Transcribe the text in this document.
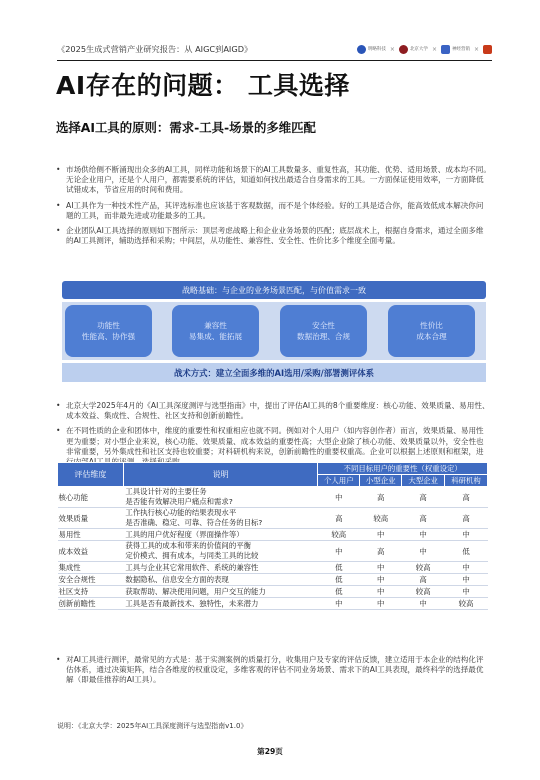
《2025生成式营销产业研究报告：从 AIGC到AIGD》	明略科技 ×	北京大学 ×	神经营销 ×
AI存在的问题： 工具选择
选择AI工具的原则：需求-工具-场景的多维匹配
• 市场供给侧不断涌现出众多的AI工具，同样功能和场景下的AI工具数量多、重复性高，其功能、优势、适用场景、成本均不同。无论企业用户，还是个人用户，都需要系统的评估，知道如何找出最适合自身需求的工具。一方面保证使用效率，一方面降低试错成本，节省应用的时间和费用。
• AI工具作为一种技术性产品，其评选标准也应该基于客观数据，而不是个体经验。好的工具是适合你，能高效低成本解决你问题的工具，而非最先进或功能最多的工具。
• 企业团队AI工具选择的原则如下图所示：顶层考虑战略上和企业业务场景的匹配；底层战术上，根据自身需求，通过全面多维的AI工具测评，辅助选择和采购；中间层，从功能性、兼容性、安全性、性价比多个维度全面考量。
战略基础：与企业的业务场景匹配，与价值需求一致
功能性
性能高、协作强
兼容性
易集成、能拓展
安全性
数据治理、合规
性价比
成本合理
战术方式：建立全面多维的AI选用/采购/部署测评体系
• 北京大学2025年4月的《AI工具深度测评与选型指南》中，提出了评估AI工具的8个重要维度：核心功能、效果质量、易用性、成本效益、集成性、合规性、社区支持和创新前瞻性。
• 在不同性质的企业和团体中，维度的重要性和权重相应也就不同。例如对个人用户（如内容创作者）而言，效果质量、易用性更为重要；对小型企业来说，核心功能、效果质量、成本效益的重要性高；大型企业除了核心功能、效果质量以外，安全性也非常重要，另外集成性和社区支持也较重要；对科研机构来说，创新前瞻性的重要权重高。企业可以根据上述原则和框架，进
评估维度	说明	不同目标用户的重要性（权重设定）			
		个人用户	小型企业	大型企业	科研机构
核心功能	工具设计针对的主要任务
是否能有效解决用户痛点和需求?	中	高	高	高
效果质量	工作执行核心功能的结果表现水平
是否准确、稳定、可靠、符合任务的目标?	高	较高	高	高
易用性	工具的用户优好程度（界面操作等）	较高	中	中	中
成本效益	获得工具的成本和带来的价值间的平衡
定价模式、拥有成本，与同类工具的比较	中	高	中	低
集成性	工具与企业其它常用软件、系统的兼容性	低	中	较高	中
安全合规性	数据隐私、信息安全方面的表现	低	中	高	中
社区支持	获取帮助、解决使用问题，用户交互的能力	低	中	较高	中
创新前瞻性	工具是否有最新技术、独特性，未来潜力	中	中	中	较高
• 对AI工具进行测评，最常见的方式是：基于实测案例的质量打分，收集用户及专家的评估反馈，建立适用于本企业的结构化评估体系，通过决策矩阵，结合各维度的权重设定，多维客观的评估不同业务场景、需求下的AI工具表现，最终科学的选择最优解（即最佳推荐的AI工具）。
说明：《北京大学：2025年AI工具深度测评与选型指南v1.0》
第29页
